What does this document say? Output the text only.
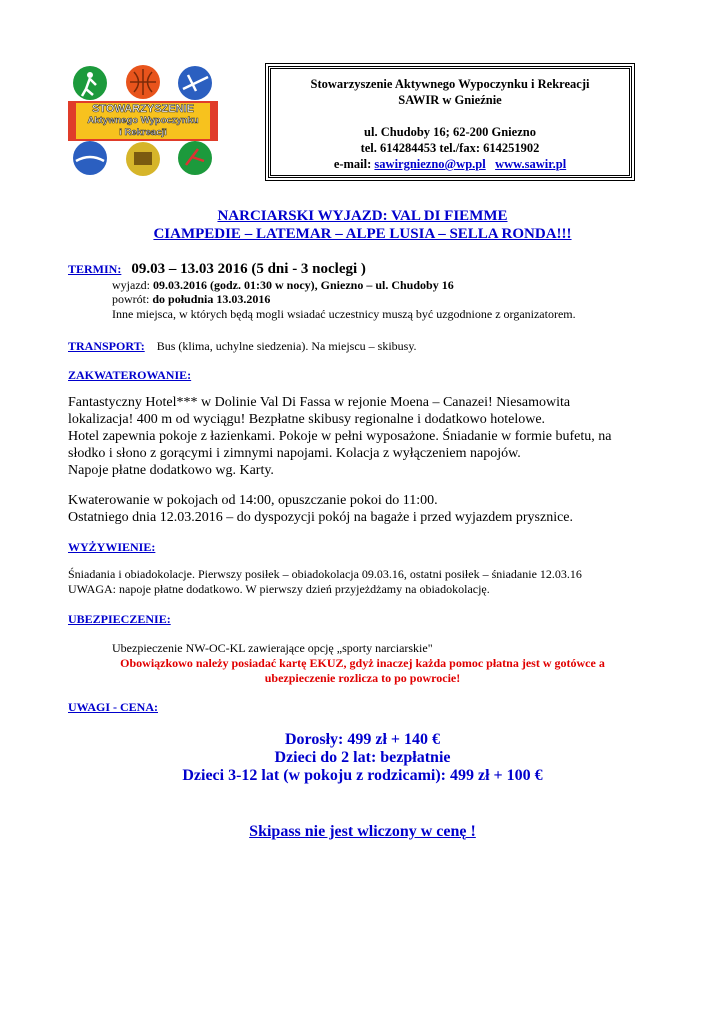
STOWARZYSZENIE
Aktywnego Wypoczynku
i Rekreacji
Stowarzyszenie Aktywnego Wypoczynku i Rekreacji
SAWIR w Gnieźnie
ul. Chudoby 16; 62-200 Gniezno
tel. 614284453 tel./fax: 614251902
e-mail: sawirgniezno@wp.pl www.sawir.pl
NARCIARSKI WYJAZD: VAL DI FIEMME
CIAMPEDIE – LATEMAR – ALPE LUSIA – SELLA RONDA!!!
TERMIN: 09.03 – 13.03 2016 (5 dni - 3 noclegi )
wyjazd: 09.03.2016 (godz. 01:30 w nocy), Gniezno – ul. Chudoby 16
powrót: do południa 13.03.2016
Inne miejsca, w których będą mogli wsiadać uczestnicy muszą być uzgodnione z organizatorem.
TRANSPORT: Bus (klima, uchylne siedzenia). Na miejscu – skibusy.
ZAKWATEROWANIE:
Fantastyczny Hotel*** w Dolinie Val Di Fassa w rejonie Moena – Canazei! Niesamowita
lokalizacja! 400 m od wyciągu! Bezpłatne skibusy regionalne i dodatkowo hotelowe.
Hotel zapewnia pokoje z łazienkami. Pokoje w pełni wyposażone. Śniadanie w formie bufetu, na
słodko i słono z gorącymi i zimnymi napojami. Kolacja z wyłączeniem napojów.
Napoje płatne dodatkowo wg. Karty.
Kwaterowanie w pokojach od 14:00, opuszczanie pokoi do 11:00.
Ostatniego dnia 12.03.2016 – do dyspozycji pokój na bagaże i przed wyjazdem prysznice.
WYŻYWIENIE:
Śniadania i obiadokolacje. Pierwszy posiłek – obiadokolacja 09.03.16, ostatni posiłek – śniadanie 12.03.16
UWAGA: napoje płatne dodatkowo. W pierwszy dzień przyjeżdżamy na obiadokolację.
UBEZPIECZENIE:
Ubezpieczenie NW-OC-KL zawierające opcję „sporty narciarskie"
Obowiązkowo należy posiadać kartę EKUZ, gdyż inaczej każda pomoc płatna jest w gotówce a
ubezpieczenie rozlicza to po powrocie!
UWAGI - CENA:
Dorosły: 499 zł + 140 €
Dzieci do 2 lat: bezpłatnie
Dzieci 3-12 lat (w pokoju z rodzicami): 499 zł + 100 €
Skipass nie jest wliczony w cenę !
